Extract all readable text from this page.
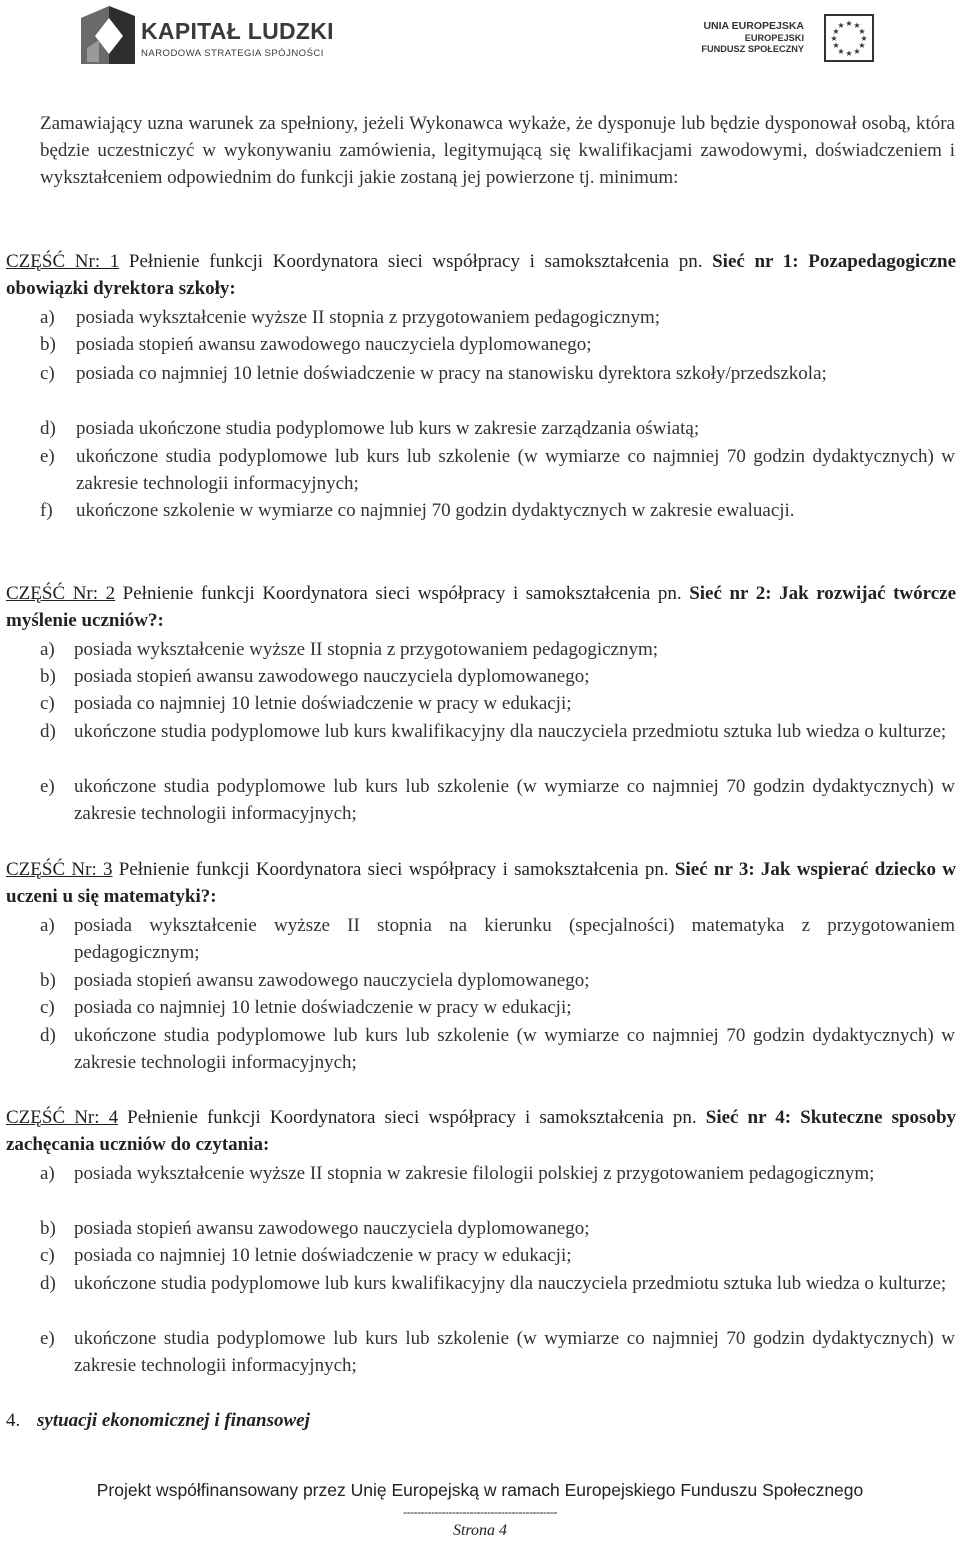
KAPITAŁ LUDZKI
NARODOWA STRATEGIA SPÓJNOŚCI
UNIA EUROPEJSKA
EUROPEJSKI
FUNDUSZ SPOŁECZNY
★ ★
★
★
★
★
★
★
★
★
★
★
Zamawiający uzna warunek za spełniony, jeżeli Wykonawca wykaże, że dysponuje lub będzie dysponował osobą, która będzie uczestniczyć w wykonywaniu zamówienia, legitymującą się kwalifikacjami zawodowymi, doświadczeniem i wykształceniem odpowiednim do funkcji jakie zostaną jej powierzone tj. minimum:
CZĘŚĆ Nr: 1 Pełnienie funkcji Koordynatora sieci współpracy i samokształcenia pn. Sieć nr 1: Pozapedagogiczne obowiązki dyrektora szkoły:
a) posiada wykształcenie wyższe II stopnia z przygotowaniem pedagogicznym;
b) posiada stopień awansu zawodowego nauczyciela dyplomowanego;
c) posiada co najmniej 10 letnie doświadczenie w pracy na stanowisku dyrektora szkoły/przedszkola;
d) posiada ukończone studia podyplomowe lub kurs w zakresie zarządzania oświatą;
e) ukończone studia podyplomowe lub kurs lub szkolenie (w wymiarze co najmniej 70 godzin dydaktycznych) w zakresie technologii informacyjnych;
f) ukończone szkolenie w wymiarze co najmniej 70 godzin dydaktycznych w zakresie ewaluacji.
CZĘŚĆ Nr: 2 Pełnienie funkcji Koordynatora sieci współpracy i samokształcenia pn. Sieć nr 2: Jak rozwijać twórcze myślenie uczniów?:
a) posiada wykształcenie wyższe II stopnia z przygotowaniem pedagogicznym;
b) posiada stopień awansu zawodowego nauczyciela dyplomowanego;
c) posiada co najmniej 10 letnie doświadczenie w pracy w edukacji;
d) ukończone studia podyplomowe lub kurs kwalifikacyjny dla nauczyciela przedmiotu sztuka lub wiedza o kulturze;
e) ukończone studia podyplomowe lub kurs lub szkolenie (w wymiarze co najmniej 70 godzin dydaktycznych) w zakresie technologii informacyjnych;
CZĘŚĆ Nr: 3 Pełnienie funkcji Koordynatora sieci współpracy i samokształcenia pn. Sieć nr 3: Jak wspierać dziecko w uczeni u się matematyki?:
a) posiada wykształcenie wyższe II stopnia na kierunku (specjalności) matematyka z przygotowaniem pedagogicznym;
b) posiada stopień awansu zawodowego nauczyciela dyplomowanego;
c) posiada co najmniej 10 letnie doświadczenie w pracy w edukacji;
d) ukończone studia podyplomowe lub kurs lub szkolenie (w wymiarze co najmniej 70 godzin dydaktycznych) w zakresie technologii informacyjnych;
CZĘŚĆ Nr: 4 Pełnienie funkcji Koordynatora sieci współpracy i samokształcenia pn. Sieć nr 4: Skuteczne sposoby zachęcania uczniów do czytania:
a) posiada wykształcenie wyższe II stopnia w zakresie filologii polskiej z przygotowaniem pedagogicznym;
b) posiada stopień awansu zawodowego nauczyciela dyplomowanego;
c) posiada co najmniej 10 letnie doświadczenie w pracy w edukacji;
d) ukończone studia podyplomowe lub kurs kwalifikacyjny dla nauczyciela przedmiotu sztuka lub wiedza o kulturze;
e) ukończone studia podyplomowe lub kurs lub szkolenie (w wymiarze co najmniej 70 godzin dydaktycznych) w zakresie technologii informacyjnych;
4. sytuacji ekonomicznej i finansowej
Projekt współfinansowany przez Unię Europejską w ramach Europejskiego Funduszu Społecznego
--------------------------------------------
Strona 4
